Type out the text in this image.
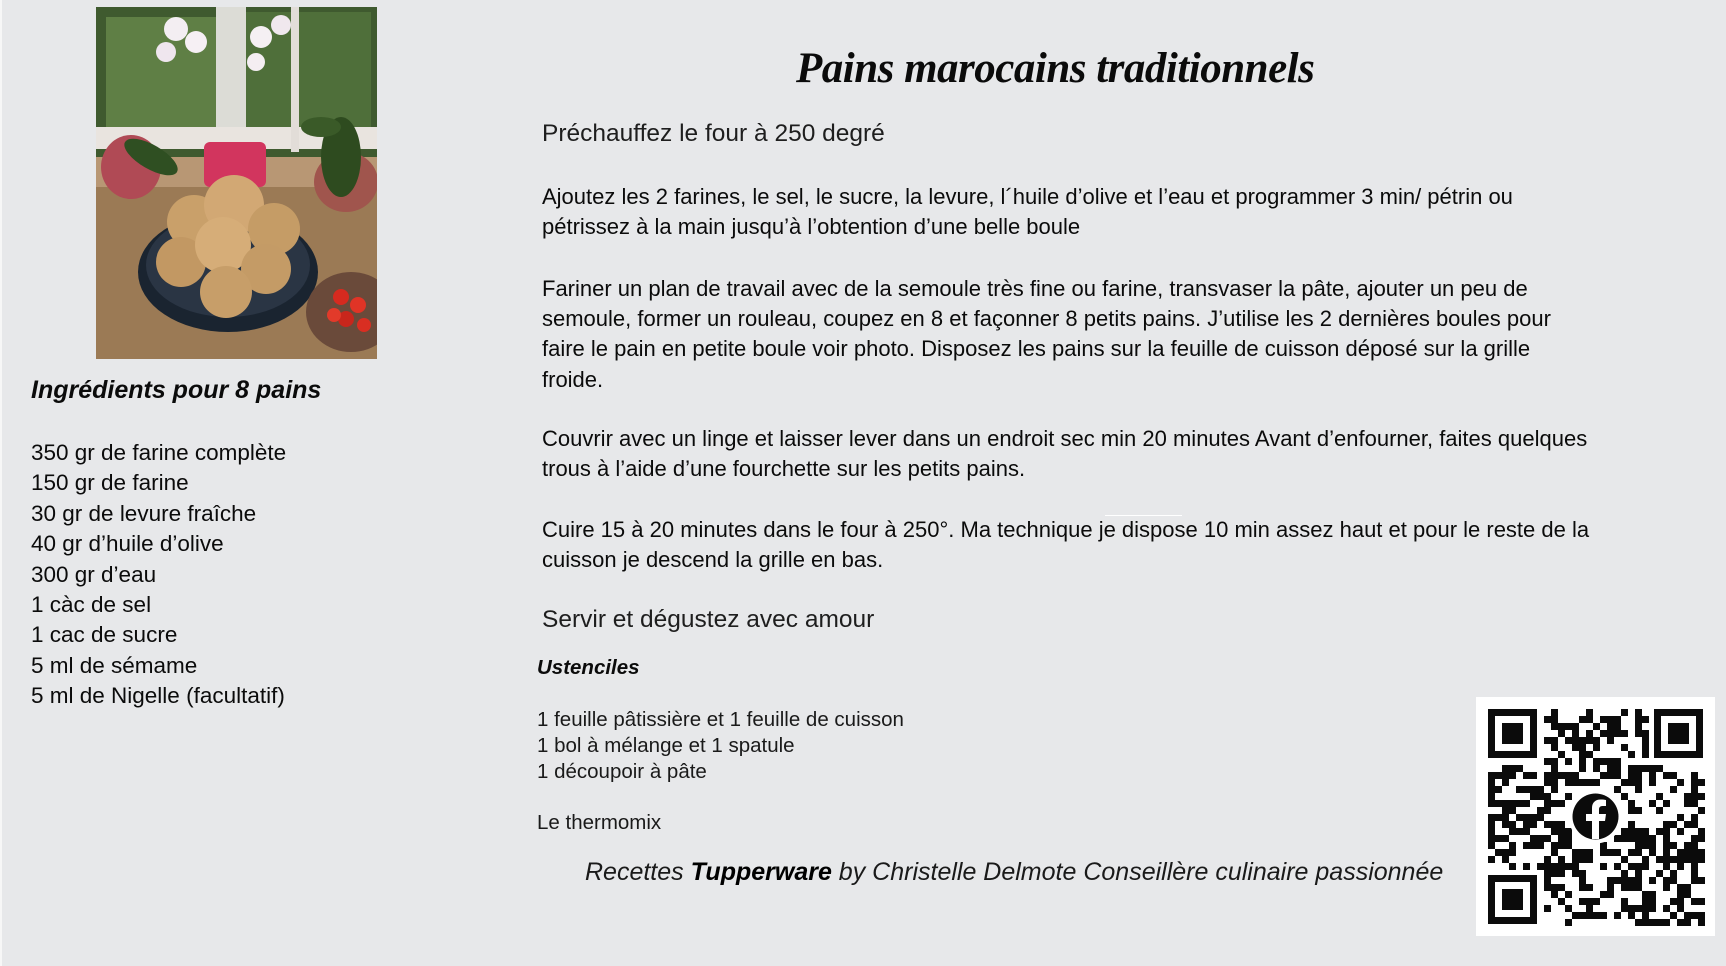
Ingrédients pour 8 pains
350 gr de farine complète
150 gr de farine
30 gr de levure fraîche
40 gr d’huile d’olive
300 gr d’eau
1 càc de sel
1 cac de sucre
5 ml de sémame
5 ml de Nigelle (facultatif)
Pains marocains traditionnels
Préchauffez le four à 250 degré
Ajoutez les 2 farines, le sel, le sucre, la levure, l´huile d’olive et l’eau et programmer 3 min/ pétrin ou pétrissez à la main jusqu’à l’obtention d’une belle boule
Fariner un plan de travail avec de la semoule très fine ou farine, transvaser la pâte, ajouter un peu de semoule, former un rouleau, coupez en 8 et façonner 8 petits pains. J’utilise les 2 dernières boules pour faire le pain en petite boule voir photo. Disposez les pains sur la feuille de cuisson déposé sur la grille froide.
Couvrir avec un linge et laisser lever dans un endroit sec min 20 minutes Avant d’enfourner, faites quelques trous à l’aide d’une fourchette sur les petits pains.
Cuire 15 à 20 minutes dans le four à 250°. Ma technique je dispose 10 min assez haut et pour le reste de la cuisson je descend la grille en bas.
Servir et dégustez avec amour
Ustenciles
1 feuille pâtissière et 1 feuille de cuisson
1 bol à mélange et 1 spatule
1 découpoir à pâte
Le thermomix
Recettes Tupperware by Christelle Delmote Conseillère culinaire passionnée
